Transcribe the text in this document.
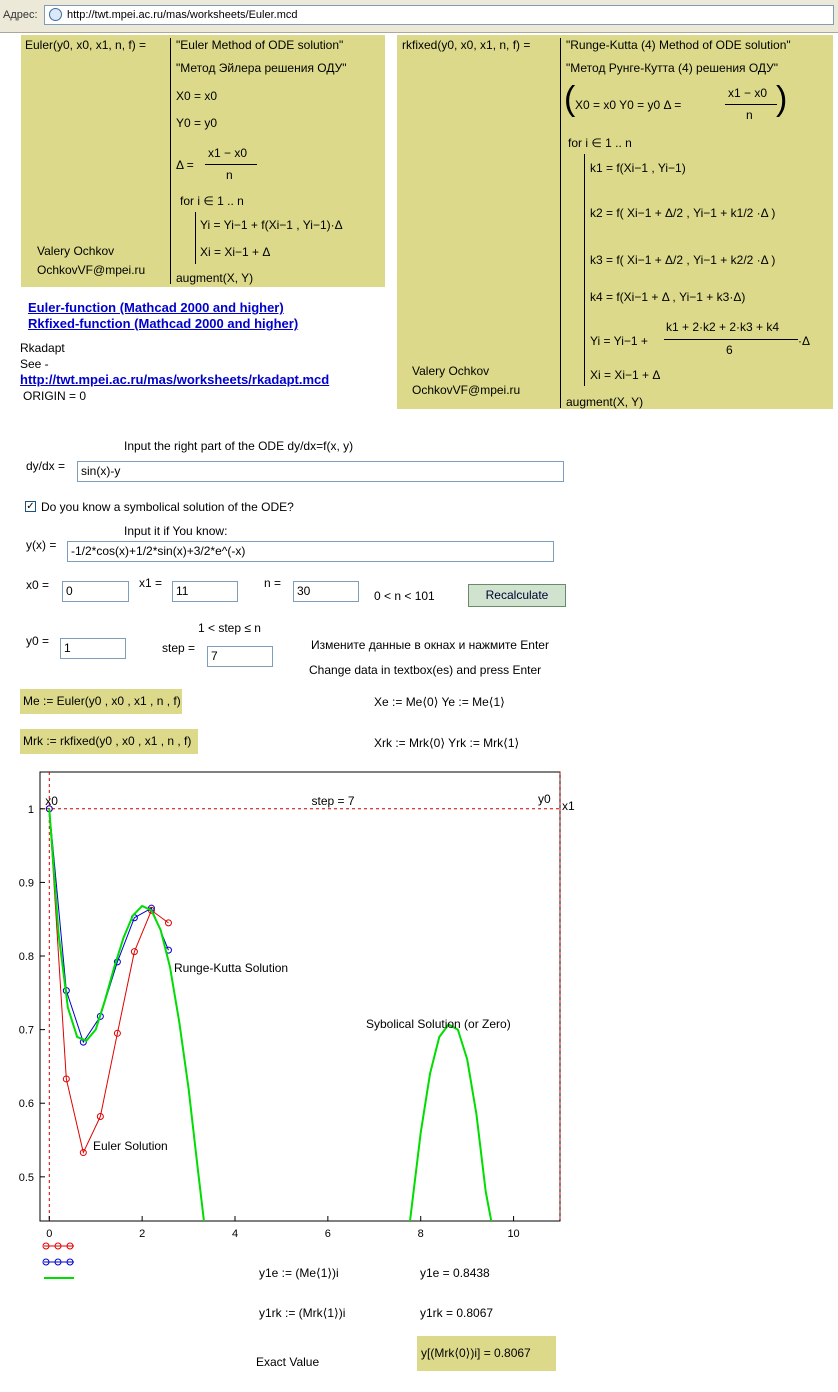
Адрес:	http://twt.mpei.ac.ru/mas/worksheets/Euler.mcd
Euler(y0, x0, x1, n, f) = "Euler Method of ODE solution"
"Метод Эйлера решения ОДУ"
X0 = x0
Y0 = y0
Δ =
x1 − x0
n
for i ∈ 1 .. n
Yi = Yi−1 + f(Xi−1 , Yi−1)·Δ
Xi = Xi−1 + Δ
augment(X, Y)
Valery Ochkov
OchkovVF@mpei.ru
rkfixed(y0, x0, x1, n, f) =	"Runge-Kutta (4) Method of ODE solution"
"Метод Рунге-Кутта (4) решения ОДУ"
( X0 = x0 Y0 = y0 Δ =
x1 − x0
n )
for i ∈ 1 .. n
k1 = f(Xi−1 , Yi−1)
k2 = f( Xi−1 + Δ/2 , Yi−1 + k1/2 ·Δ )
k3 = f( Xi−1 + Δ/2 , Yi−1 + k2/2 ·Δ )
k4 = f(Xi−1 + Δ , Yi−1 + k3·Δ)
Yi = Yi−1 +
k1 + 2·k2 + 2·k3 + k4
6
·Δ
Xi = Xi−1 + Δ
augment(X, Y)
Valery Ochkov
OchkovVF@mpei.ru
Euler-function (Mathcad 2000 and higher)
Rkfixed-function (Mathcad 2000 and higher)
Rkadapt
See -
http://twt.mpei.ac.ru/mas/worksheets/rkadapt.mcd
ORIGIN = 0
Input the right part of the ODE dy/dx=f(x, y)
dy/dx =	sin(x)-y
✓ Do you know a symbolical solution of the ODE?
Input it if You know:
y(x) =	-1/2*cos(x)+1/2*sin(x)+3/2*e^(-x)
x0 =	0
x1 =
11
n =
30	0 < n < 101	Recalculate
1 < step ≤ n
y0 =	1	step =
7
Измените данные в окнах и нажмите Enter
Change data in textbox(es) and press Enter
Me := Euler(y0 , x0 , x1 , n , f)
Mrk := rkfixed(y0 , x0 , x1 , n , f)
Xe := Me⟨0⟩ Ye := Me⟨1⟩
Xrk := Mrk⟨0⟩ Yrk := Mrk⟨1⟩
step = 7
x0	x1
y0
0	2	4	6	8	10
0.5
0.6
0.7
0.8
0.9
1
Runge-Kutta Solution
Sybolical Solution (or Zero)
Euler Solution
y1e := (Me⟨1⟩)i	y1e = 0.8438
y1rk := (Mrk⟨1⟩)i	y1rk = 0.8067
Exact Value
y[(Mrk⟨0⟩)i] = 0.8067
